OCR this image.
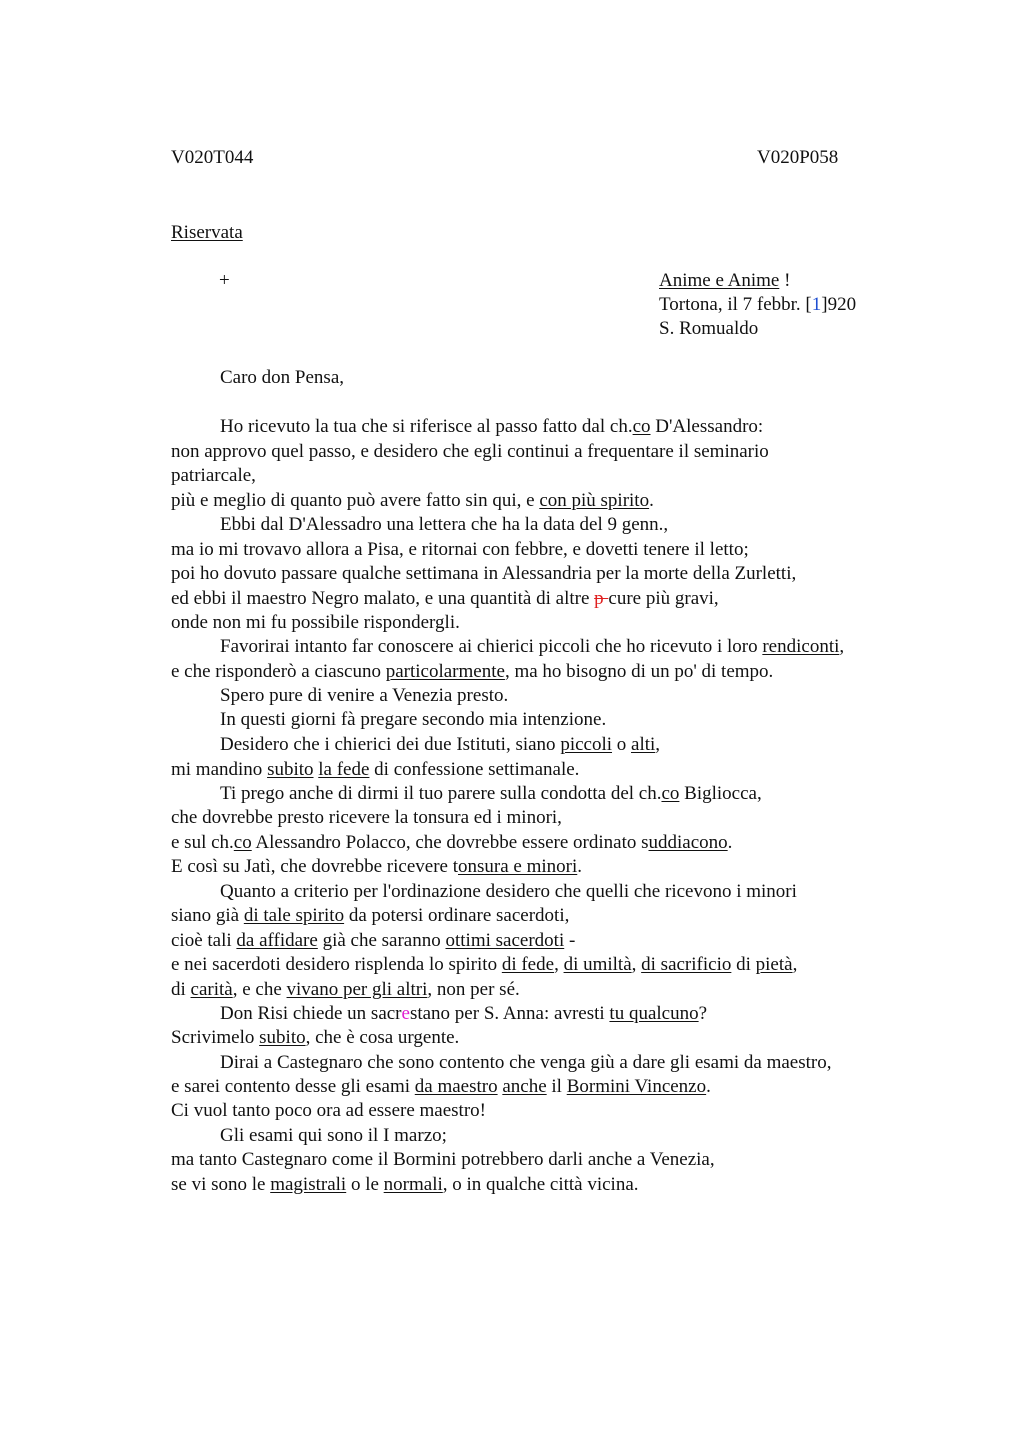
V020T044	V020P058
Riservata
+	Anime e Anime !
Tortona, il 7 febbr. [1]920
S. Romualdo
Caro don Pensa,
Ho ricevuto la tua che si riferisce al passo fatto dal ch.co D'Alessandro:
non approvo quel passo, e desidero che egli continui a frequentare il seminario
patriarcale,
più e meglio di quanto può avere fatto sin qui, e con più spirito.
Ebbi dal D'Alessadro una lettera che ha la data del 9 genn.,
ma io mi trovavo allora a Pisa, e ritornai con febbre, e dovetti tenere il letto;
poi ho dovuto passare qualche settimana in Alessandria per la morte della Zurletti,
ed ebbi il maestro Negro malato, e una quantità di altre p cure più gravi,
onde non mi fu possibile rispondergli.
Favorirai intanto far conoscere ai chierici piccoli che ho ricevuto i loro rendiconti,
e che risponderò a ciascuno particolarmente, ma ho bisogno di un po' di tempo.
Spero pure di venire a Venezia presto.
In questi giorni fà pregare secondo mia intenzione.
Desidero che i chierici dei due Istituti, siano piccoli o alti,
mi mandino subito la fede di confessione settimanale.
Ti prego anche di dirmi il tuo parere sulla condotta del ch.co Bigliocca,
che dovrebbe presto ricevere la tonsura ed i minori,
e sul ch.co Alessandro Polacco, che dovrebbe essere ordinato suddiacono.
E così su Jatì, che dovrebbe ricevere tonsura e minori.
Quanto a criterio per l'ordinazione desidero che quelli che ricevono i minori
siano già di tale spirito da potersi ordinare sacerdoti,
cioè tali da affidare già che saranno ottimi sacerdoti -
e nei sacerdoti desidero risplenda lo spirito di fede, di umiltà, di sacrificio di pietà,
di carità, e che vivano per gli altri, non per sé.
Don Risi chiede un sacrestano per S. Anna: avresti tu qualcuno?
Scrivimelo subito, che è cosa urgente.
Dirai a Castegnaro che sono contento che venga giù a dare gli esami da maestro,
e sarei contento desse gli esami da maestro anche il Bormini Vincenzo.
Ci vuol tanto poco ora ad essere maestro!
Gli esami qui sono il I marzo;
ma tanto Castegnaro come il Bormini potrebbero darli anche a Venezia,
se vi sono le magistrali o le normali, o in qualche città vicina.
